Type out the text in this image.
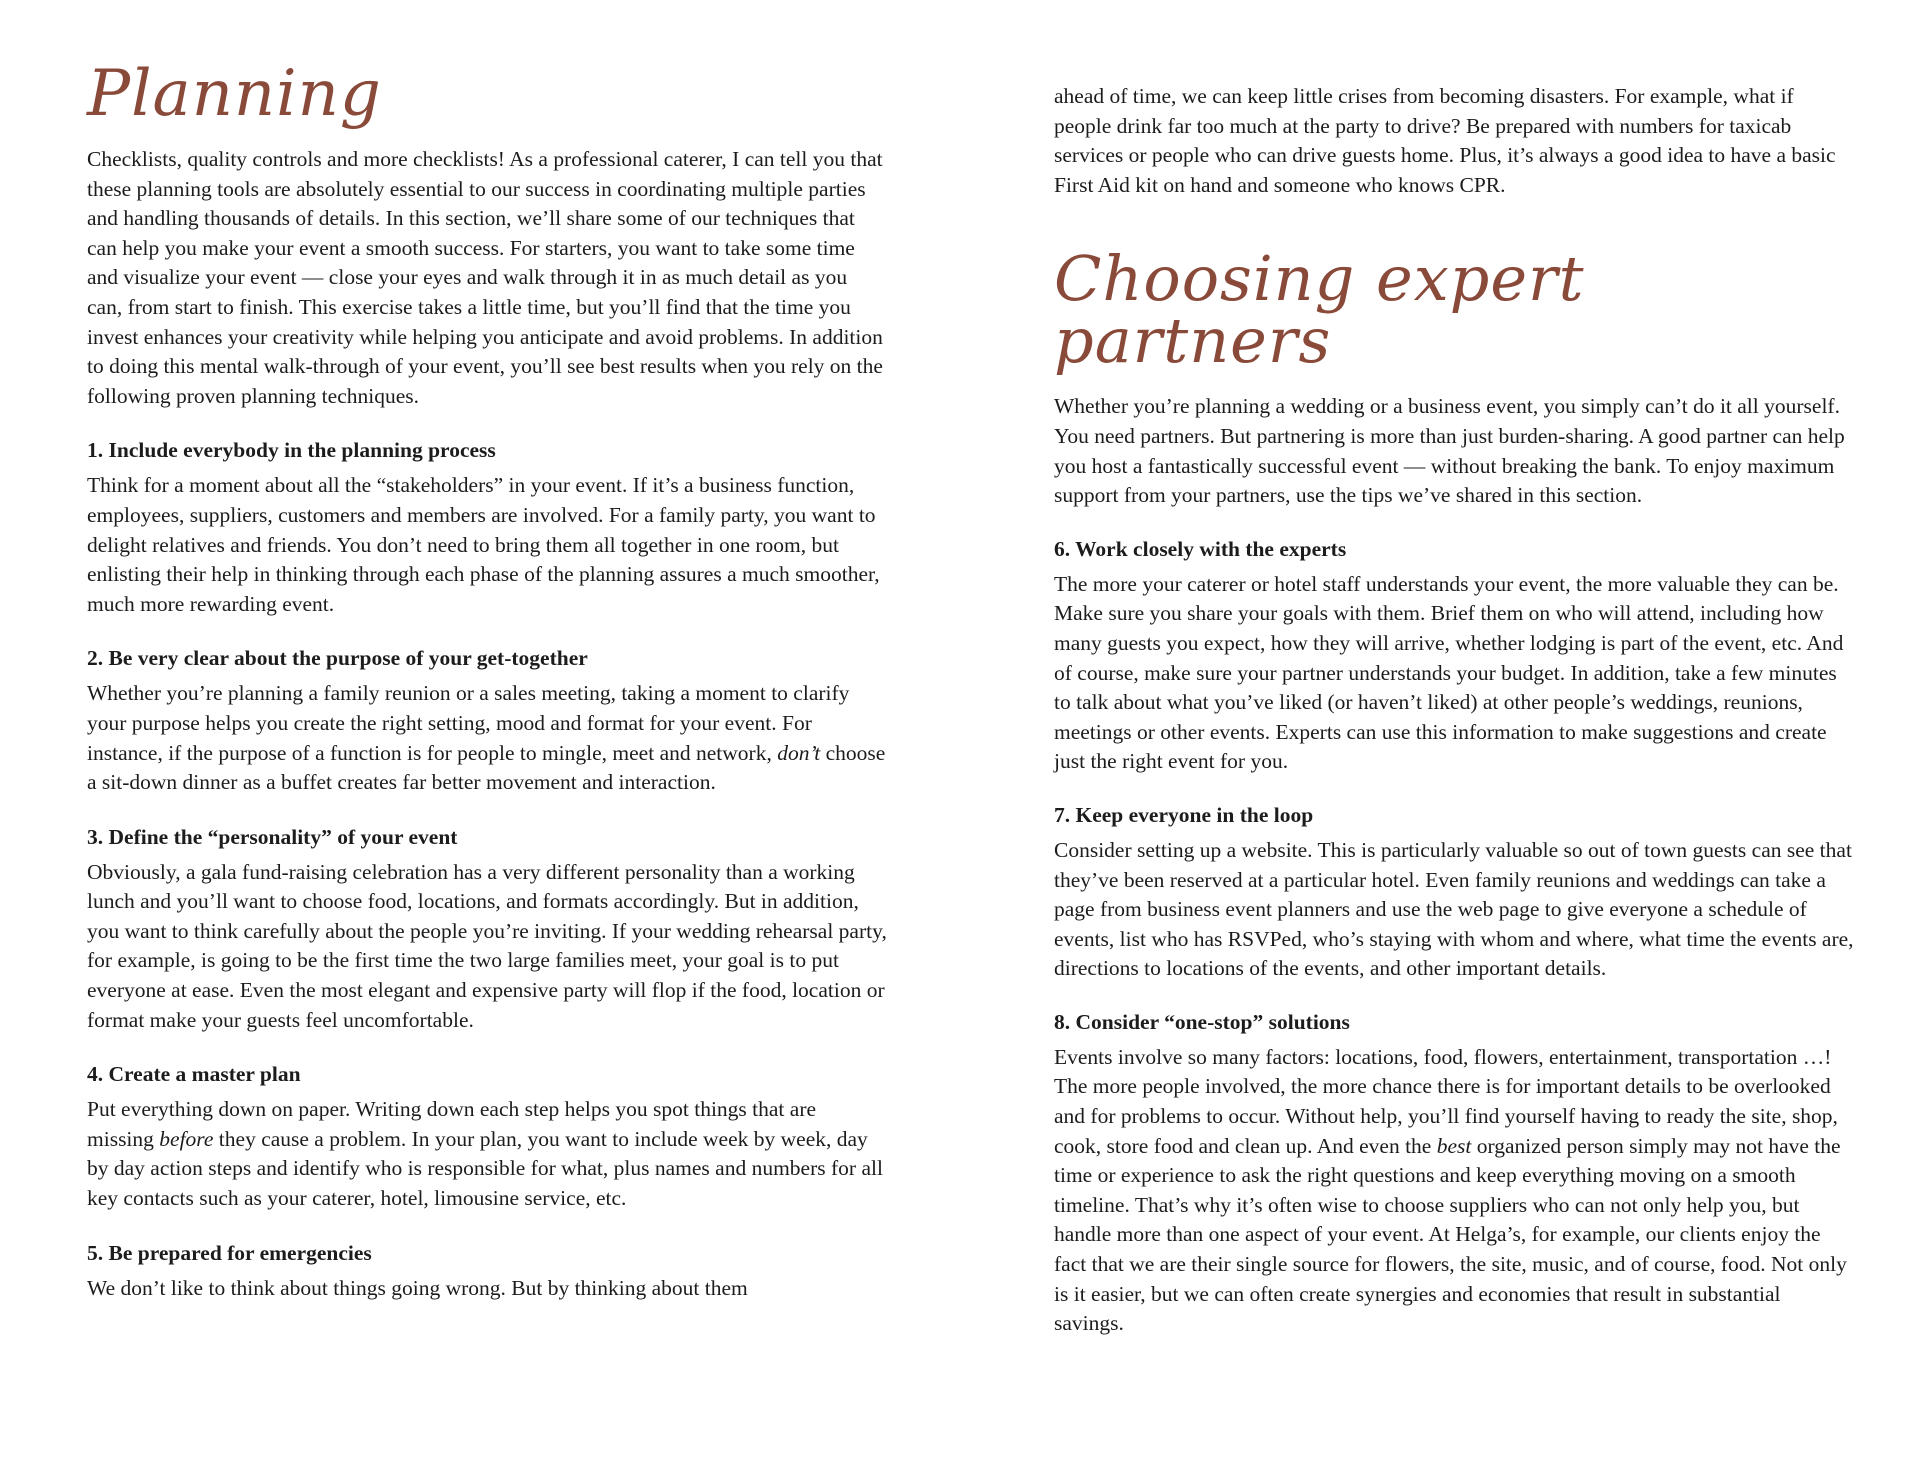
Planning

Checklists, quality controls and more checklists! As a professional caterer, I can tell you that these planning tools are absolutely essential to our success in coordinating multiple parties and handling thousands of details. In this section, we’ll share some of our techniques that can help you make your event a smooth success. For starters, you want to take some time and visualize your event — close your eyes and walk through it in as much detail as you can, from start to finish. This exercise takes a little time, but you’ll find that the time you invest enhances your creativity while helping you anticipate and avoid problems. In addition to doing this mental walk-through of your event, you’ll see best results when you rely on the following proven planning techniques.

1. Include everybody in the planning process

Think for a moment about all the “stakeholders” in your event. If it’s a business function, employees, suppliers, customers and members are involved. For a family party, you want to delight relatives and friends. You don’t need to bring them all together in one room, but enlisting their help in thinking through each phase of the planning assures a much smoother, much more rewarding event.

2. Be very clear about the purpose of your get-together

Whether you’re planning a family reunion or a sales meeting, taking a moment to clarify your purpose helps you create the right setting, mood and format for your event. For instance, if the purpose of a function is for people to mingle, meet and network, don’t choose a sit-down dinner as a buffet creates far better movement and interaction.

3. Define the “personality” of your event

Obviously, a gala fund-raising celebration has a very different personality than a working lunch and you’ll want to choose food, locations, and formats accordingly. But in addition, you want to think carefully about the people you’re inviting. If your wedding rehearsal party, for example, is going to be the first time the two large families meet, your goal is to put everyone at ease. Even the most elegant and expensive party will flop if the food, location or format make your guests feel uncomfortable.

4. Create a master plan

Put everything down on paper. Writing down each step helps you spot things that are missing before they cause a problem. In your plan, you want to include week by week, day by day action steps and identify who is responsible for what, plus names and numbers for all key contacts such as your caterer, hotel, limousine service, etc.

5. Be prepared for emergencies

We don’t like to think about things going wrong. But by thinking about them

ahead of time, we can keep little crises from becoming disasters. For example, what if people drink far too much at the party to drive? Be prepared with numbers for taxicab services or people who can drive guests home. Plus, it’s always a good idea to have a basic First Aid kit on hand and someone who knows CPR.

Choosing expert partners

Whether you’re planning a wedding or a business event, you simply can’t do it all yourself. You need partners. But partnering is more than just burden-sharing. A good partner can help you host a fantastically successful event — without breaking the bank. To enjoy maximum support from your partners, use the tips we’ve shared in this section.

6. Work closely with the experts

The more your caterer or hotel staff understands your event, the more valuable they can be. Make sure you share your goals with them. Brief them on who will attend, including how many guests you expect, how they will arrive, whether lodging is part of the event, etc. And of course, make sure your partner understands your budget. In addition, take a few minutes to talk about what you’ve liked (or haven’t liked) at other people’s weddings, reunions, meetings or other events. Experts can use this information to make suggestions and create just the right event for you.

7. Keep everyone in the loop

Consider setting up a website. This is particularly valuable so out of town guests can see that they’ve been reserved at a particular hotel. Even family reunions and weddings can take a page from business event planners and use the web page to give everyone a schedule of events, list who has RSVPed, who’s staying with whom and where, what time the events are, directions to locations of the events, and other important details.

8. Consider “one-stop” solutions

Events involve so many factors: locations, food, flowers, entertainment, transportation …! The more people involved, the more chance there is for important details to be overlooked and for problems to occur. Without help, you’ll find yourself having to ready the site, shop, cook, store food and clean up. And even the best organized person simply may not have the time or experience to ask the right questions and keep everything moving on a smooth timeline. That’s why it’s often wise to choose suppliers who can not only help you, but handle more than one aspect of your event. At Helga’s, for example, our clients enjoy the fact that we are their single source for flowers, the site, music, and of course, food. Not only is it easier, but we can often create synergies and economies that result in substantial savings.
